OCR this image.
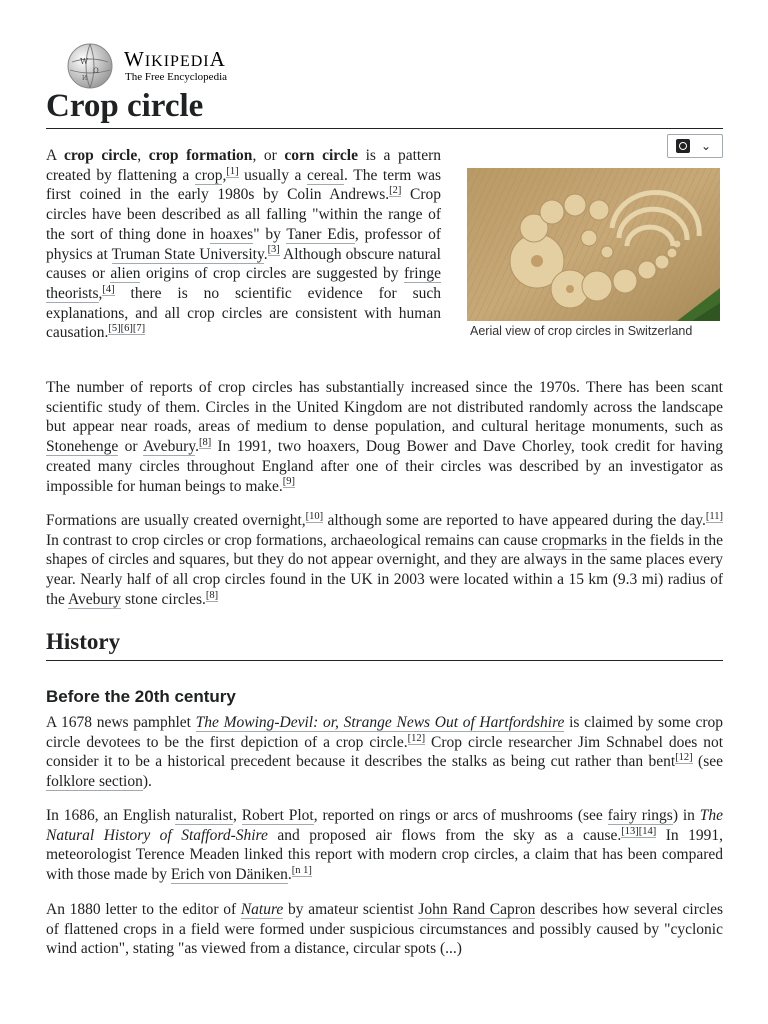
W
Ω
И
WIKIPEDIA
The Free Encyclopedia
Crop circle
⌄
Aerial view of crop circles in Switzerland

A crop circle, crop formation, or corn circle is a pattern created by flattening a crop,[1] usually a cereal. The term was first coined in the early 1980s by Colin Andrews.[2] Crop circles have been described as all falling "within the range of the sort of thing done in hoaxes" by Taner Edis, professor of physics at Truman State University.[3] Although obscure natural causes or alien origins of crop circles are suggested by fringe theorists,[4] there is no scientific evidence for such explanations, and all crop circles are consistent with human causation.[5][6][7]

The number of reports of crop circles has substantially increased since the 1970s. There has been scant scientific study of them. Circles in the United Kingdom are not distributed randomly across the landscape but appear near roads, areas of medium to dense population, and cultural heritage monuments, such as Stonehenge or Avebury.[8] In 1991, two hoaxers, Doug Bower and Dave Chorley, took credit for having created many circles throughout England after one of their circles was described by an investigator as impossible for human beings to make.[9]

Formations are usually created overnight,[10] although some are reported to have appeared during the day.[11] In contrast to crop circles or crop formations, archaeological remains can cause cropmarks in the fields in the shapes of circles and squares, but they do not appear overnight, and they are always in the same places every year. Nearly half of all crop circles found in the UK in 2003 were located within a 15 km (9.3 mi) radius of the Avebury stone circles.[8]

History
Before the 20th century

A 1678 news pamphlet The Mowing-Devil: or, Strange News Out of Hartfordshire is claimed by some crop circle devotees to be the first depiction of a crop circle.[12] Crop circle researcher Jim Schnabel does not consider it to be a historical precedent because it describes the stalks as being cut rather than bent[12] (see folklore section).

In 1686, an English naturalist, Robert Plot, reported on rings or arcs of mushrooms (see fairy rings) in The Natural History of Stafford-Shire and proposed air flows from the sky as a cause.[13][14] In 1991, meteorologist Terence Meaden linked this report with modern crop circles, a claim that has been compared with those made by Erich von Däniken.[n 1]

An 1880 letter to the editor of Nature by amateur scientist John Rand Capron describes how several circles of flattened crops in a field were formed under suspicious circumstances and possibly caused by "cyclonic wind action", stating "as viewed from a distance, circular spots (...)
